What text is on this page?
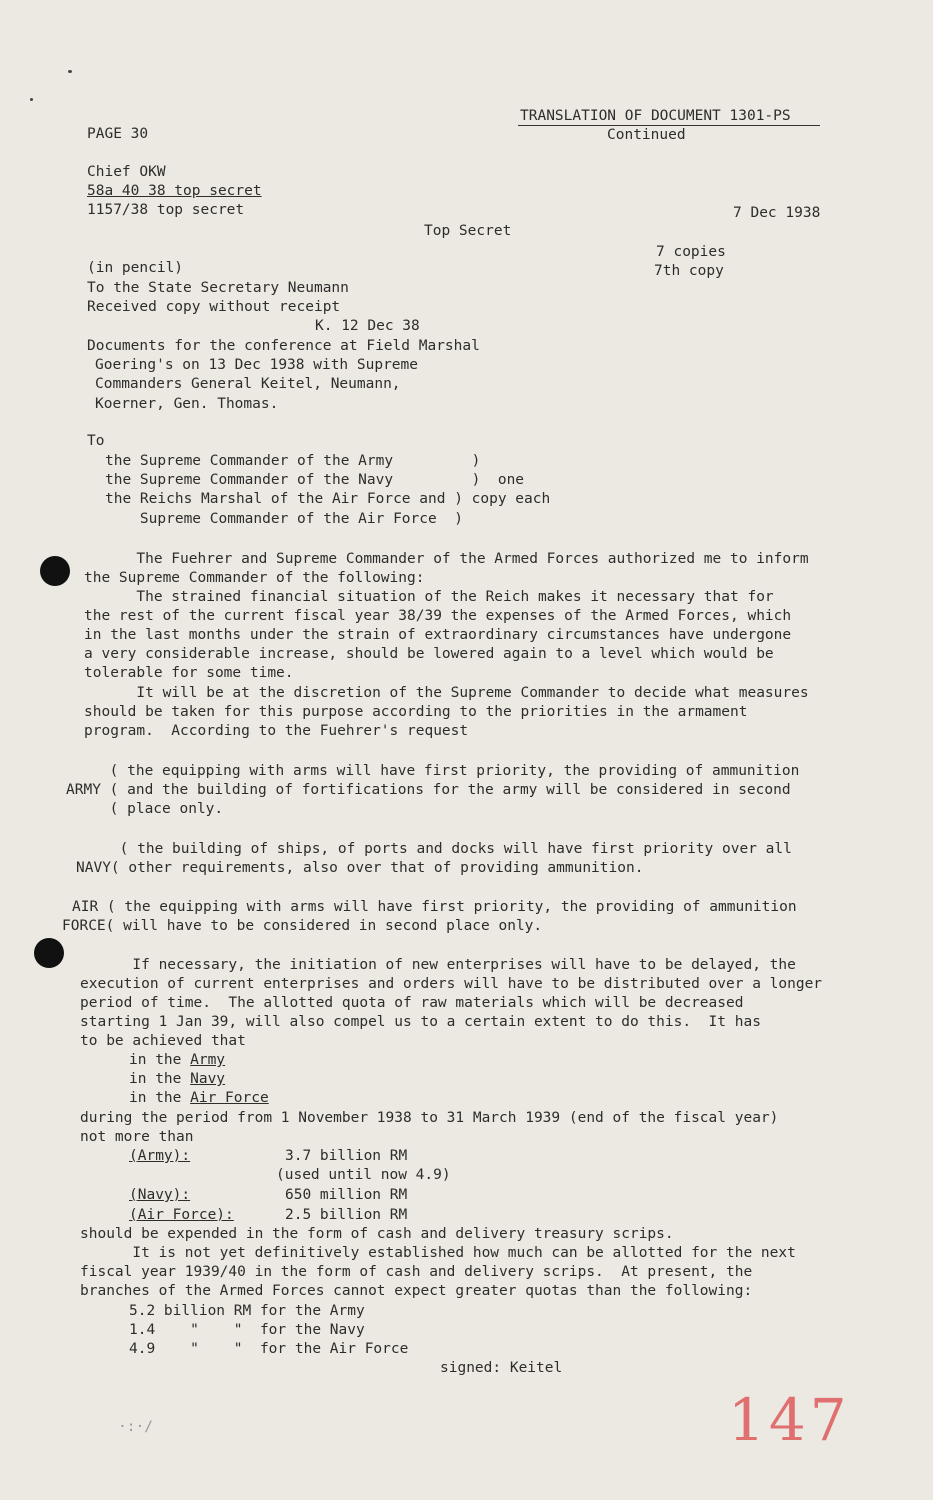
TRANSLATION OF DOCUMENT 1301-PS
Continued
PAGE 30
Chief OKW
58a 40 38 top secret
1157/38 top secret	7 Dec 1938
Top Secret
7 copies
7th copy
(in pencil)
To the State Secretary Neumann
Received copy without receipt
K. 12 Dec 38
Documents for the conference at Field Marshal
Goering's on 13 Dec 1938 with Supreme
Commanders General Keitel, Neumann,
Koerner, Gen. Thomas.
To
the Supreme Commander of the Army         )
the Supreme Commander of the Navy         )  one
the Reichs Marshal of the Air Force and ) copy each
Supreme Commander of the Air Force  )
The Fuehrer and Supreme Commander of the Armed Forces authorized me to inform
the Supreme Commander of the following:
The strained financial situation of the Reich makes it necessary that for
the rest of the current fiscal year 38/39 the expenses of the Armed Forces, which
in the last months under the strain of extraordinary circumstances have undergone
a very considerable increase, should be lowered again to a level which would be
tolerable for some time.
It will be at the discretion of the Supreme Commander to decide what measures
should be taken for this purpose according to the priorities in the armament
program.  According to the Fuehrer's request
( the equipping with arms will have first priority, the providing of ammunition
ARMY ( and the building of fortifications for the army will be considered in second
( place only.
( the building of ships, of ports and docks will have first priority over all
NAVY( other requirements, also over that of providing ammunition.
AIR ( the equipping with arms will have first priority, the providing of ammunition
FORCE( will have to be considered in second place only.
If necessary, the initiation of new enterprises will have to be delayed, the
execution of current enterprises and orders will have to be distributed over a longer
period of time.  The allotted quota of raw materials which will be decreased
starting 1 Jan 39, will also compel us to a certain extent to do this.  It has
to be achieved that
in the Army
in the Navy
in the Air Force
during the period from 1 November 1938 to 31 March 1939 (end of the fiscal year)
not more than
(Army):	3.7 billion RM
(used until now 4.9)
(Navy):	650 million RM
(Air Force):	2.5 billion RM
should be expended in the form of cash and delivery treasury scrips.
It is not yet definitively established how much can be allotted for the next
fiscal year 1939/40 in the form of cash and delivery scrips.  At present, the
branches of the Armed Forces cannot expect greater quotas than the following:
5.2 billion RM for the Army
1.4    "    "  for the Navy
4.9    "    "  for the Air Force
signed: Keitel
147
·:·/
